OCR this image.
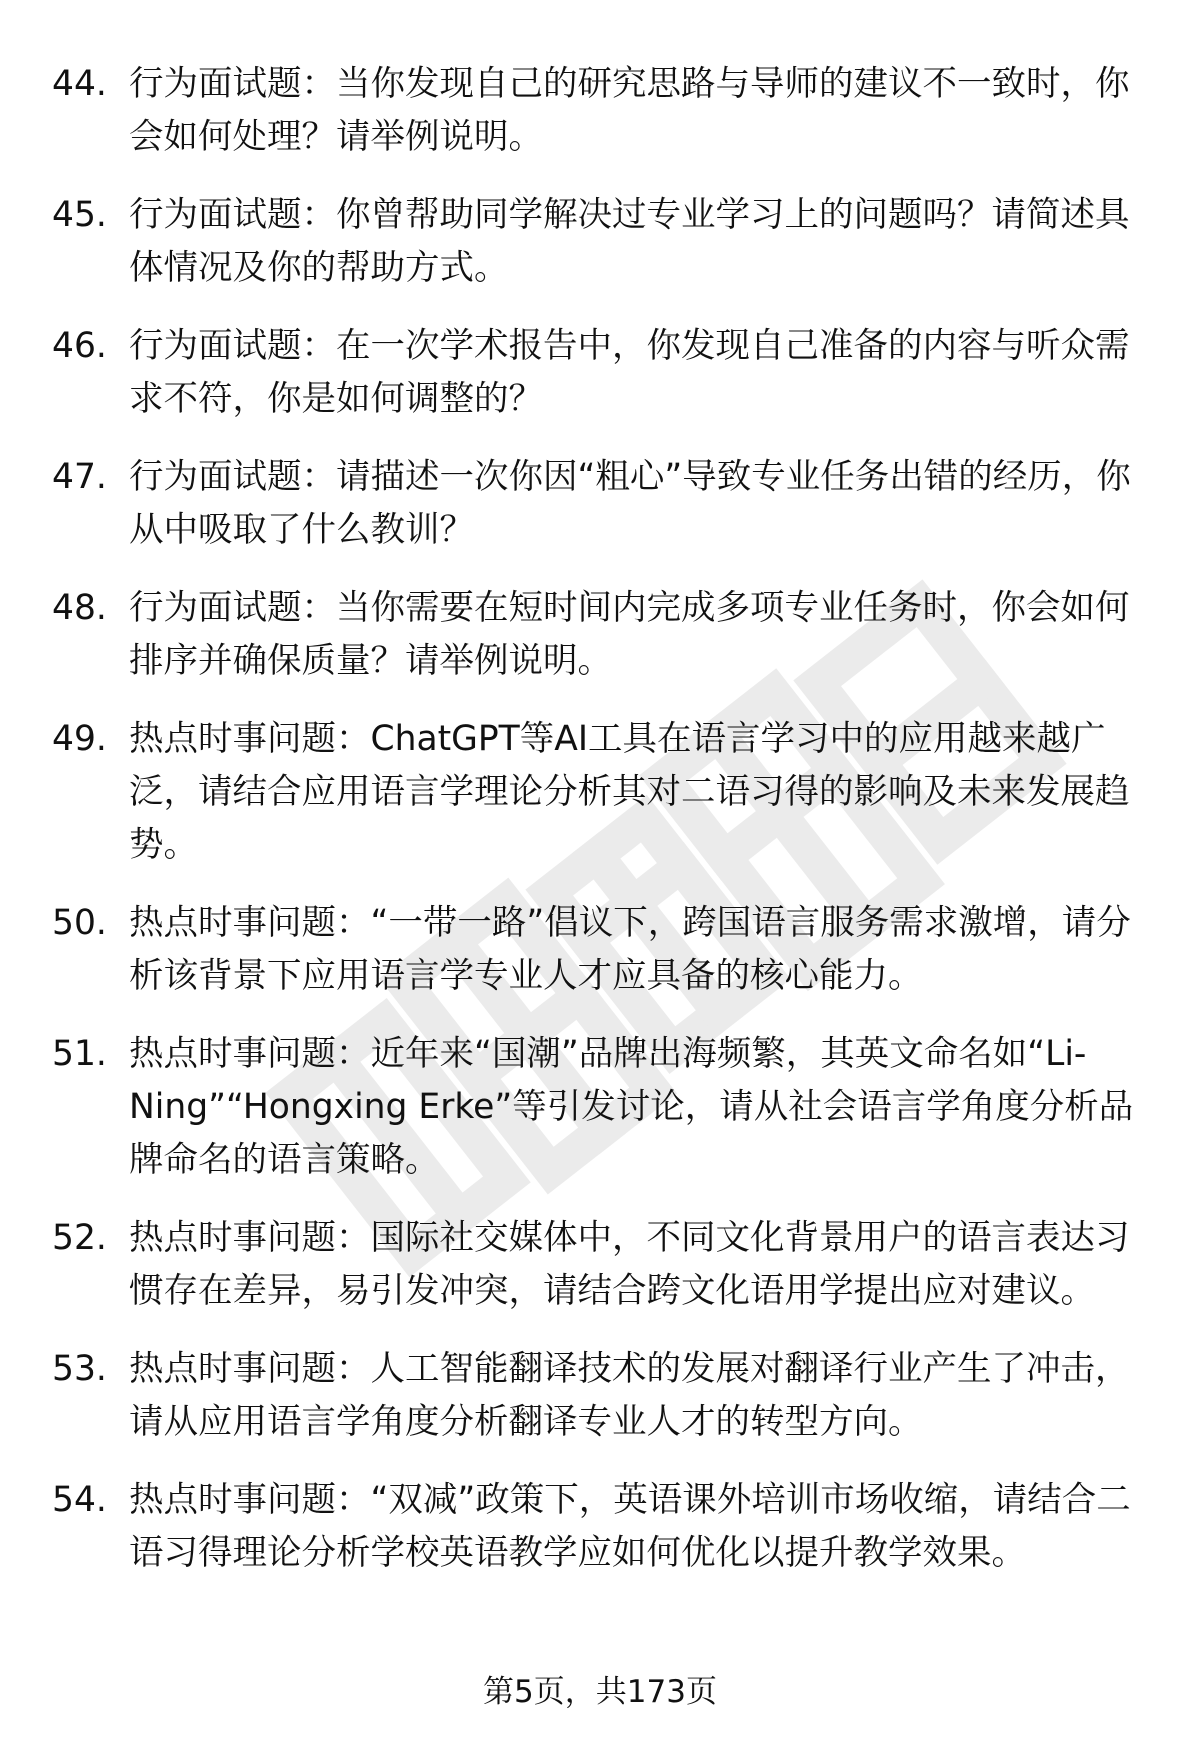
44. 行为面试题：当你发现自己的研究思路与导师的建议不一致时，你会如何处理？请举例说明。
45. 行为面试题：你曾帮助同学解决过专业学习上的问题吗？请简述具体情况及你的帮助方式。
46. 行为面试题：在一次学术报告中，你发现自己准备的内容与听众需求不符，你是如何调整的？
47. 行为面试题：请描述一次你因“粗心”导致专业任务出错的经历，你从中吸取了什么教训？
48. 行为面试题：当你需要在短时间内完成多项专业任务时，你会如何排序并确保质量？请举例说明。
49. 热点时事问题：ChatGPT等AI工具在语言学习中的应用越来越广泛，请结合应用语言学理论分析其对二语习得的影响及未来发展趋势。
50. 热点时事问题：“一带一路”倡议下，跨国语言服务需求激增，请分析该背景下应用语言学专业人才应具备的核心能力。
51. 热点时事问题：近年来“国潮”品牌出海频繁，其英文命名如“Li-Ning”“Hongxing Erke”等引发讨论，请从社会语言学角度分析品牌命名的语言策略。
52. 热点时事问题：国际社交媒体中，不同文化背景用户的语言表达习惯存在差异，易引发冲突，请结合跨文化语用学提出应对建议。
53. 热点时事问题：人工智能翻译技术的发展对翻译行业产生了冲击，请从应用语言学角度分析翻译专业人才的转型方向。
54. 热点时事问题：“双减”政策下，英语课外培训市场收缩，请结合二语习得理论分析学校英语教学应如何优化以提升教学效果。
第5页，共173页
